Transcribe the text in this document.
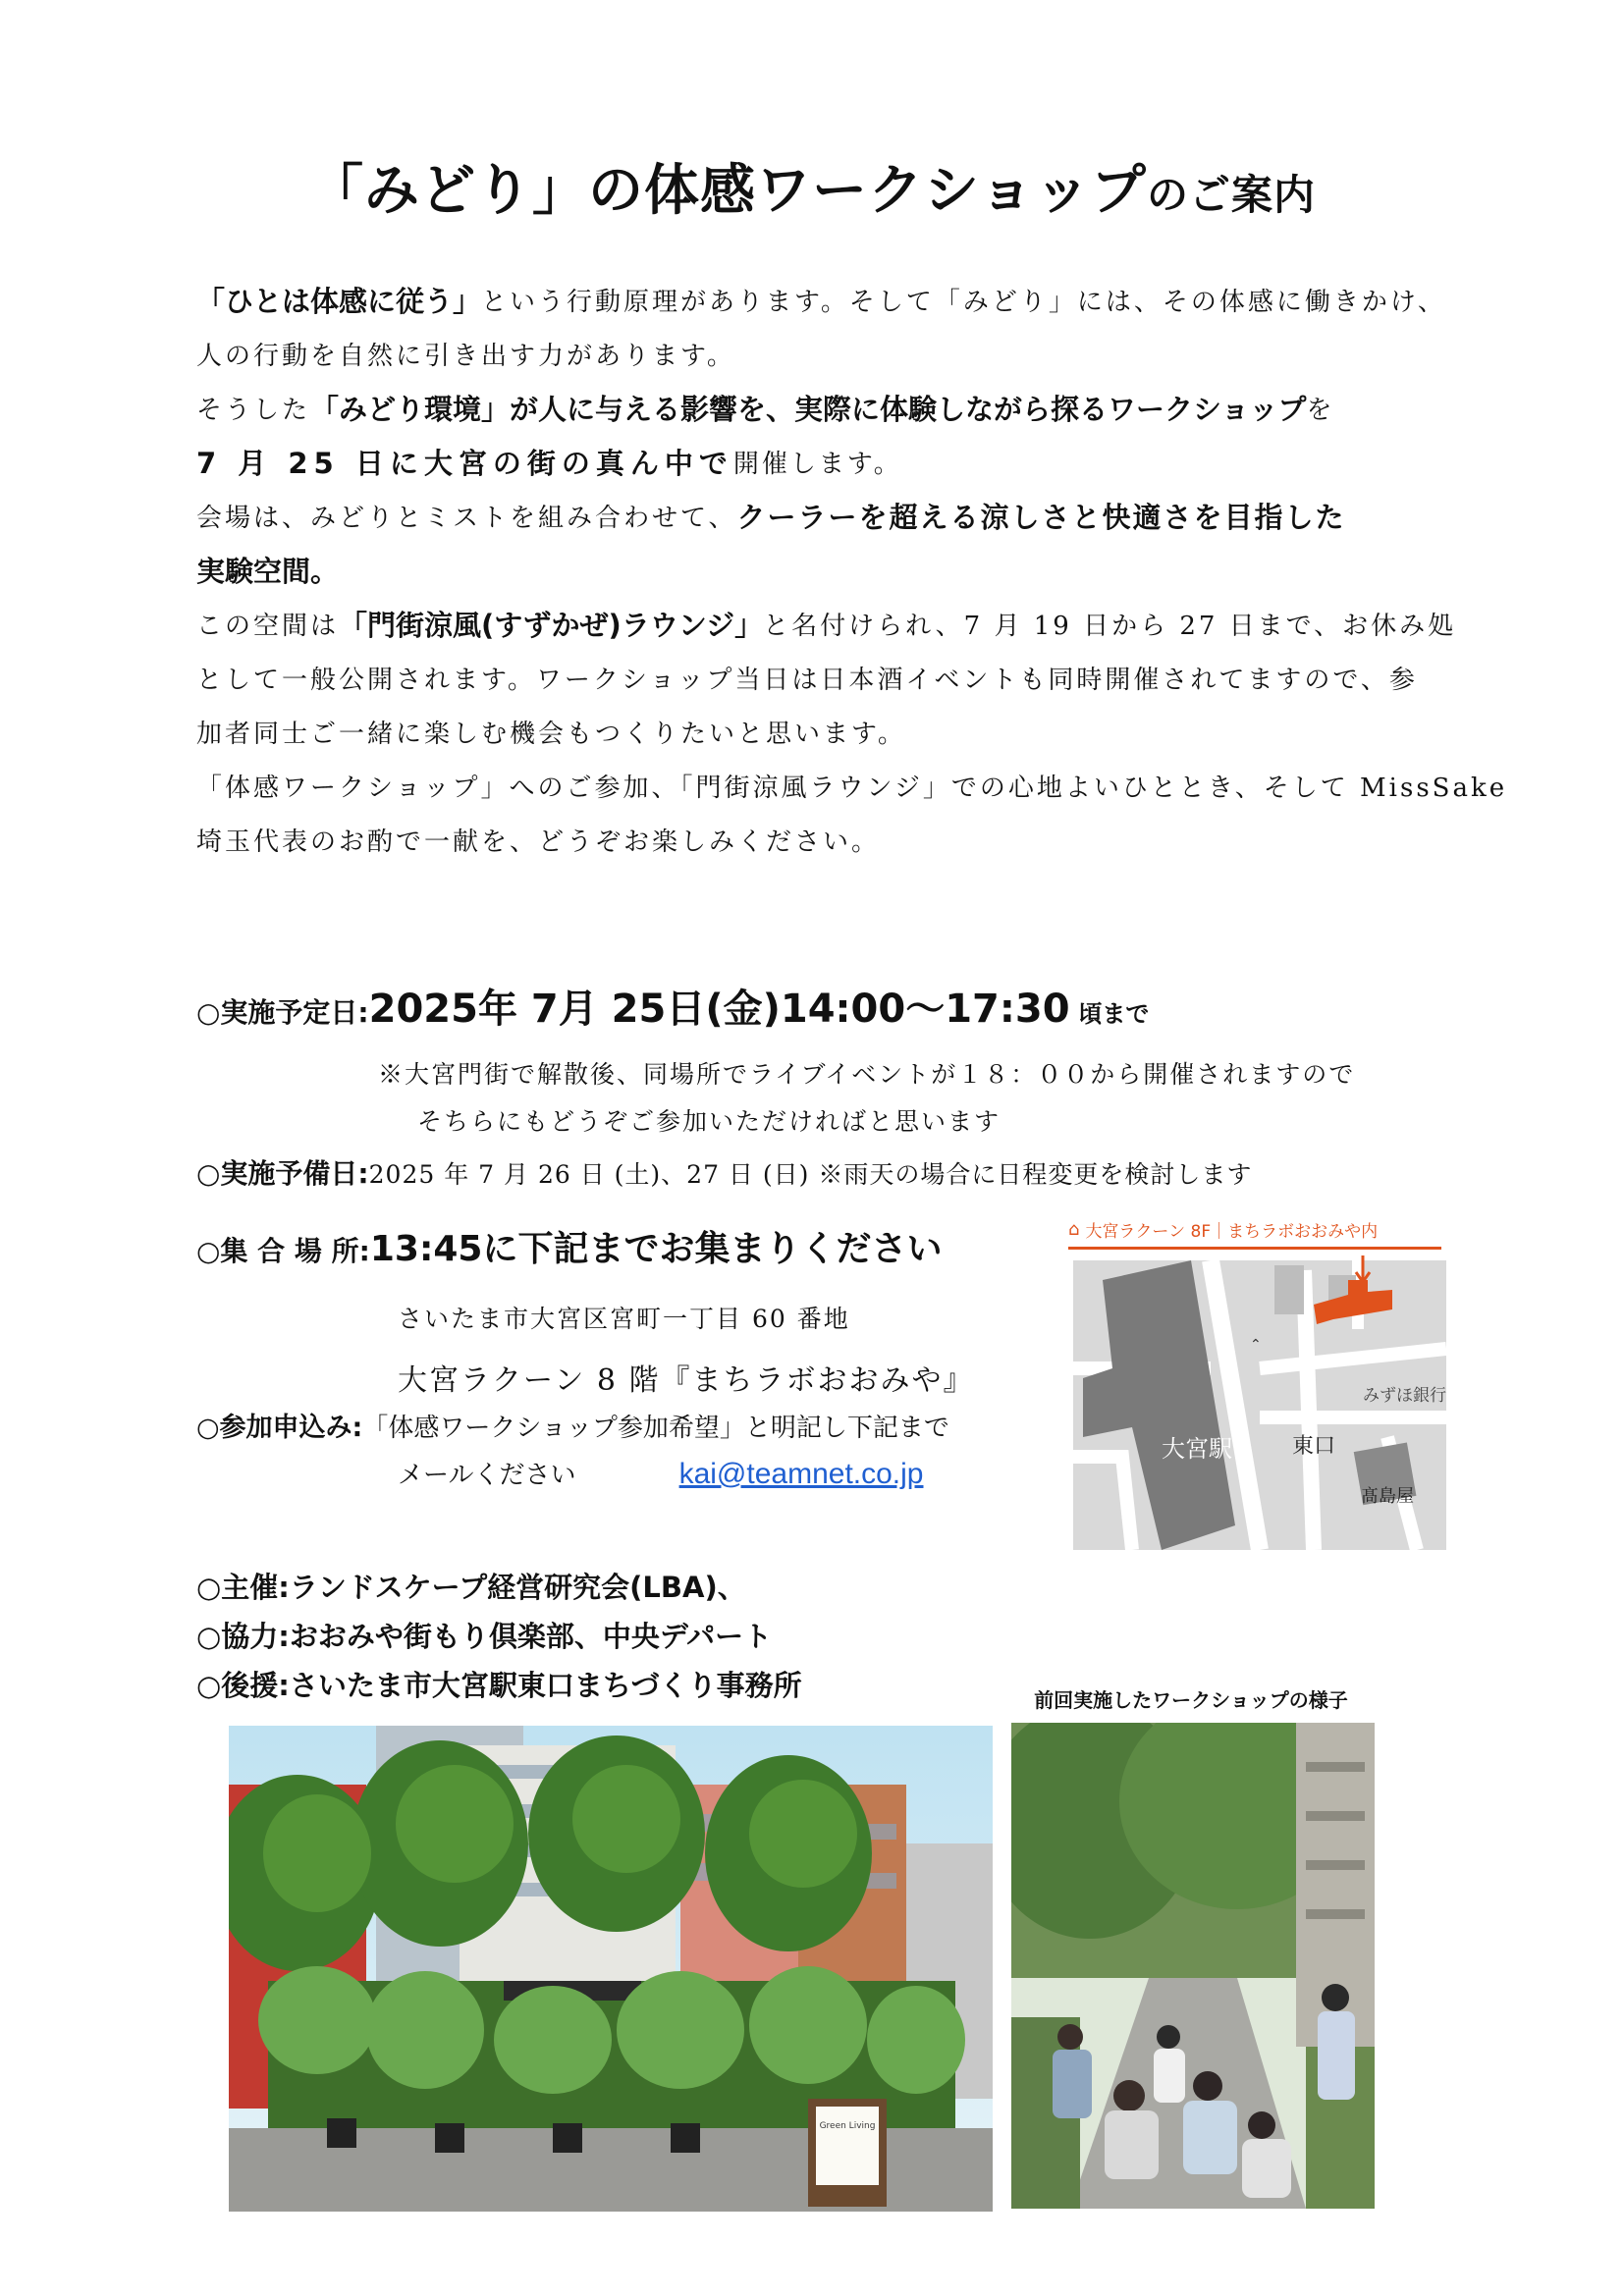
「みどり」の体感ワークショップのご案内

「ひとは体感に従う」 という行動原理があります。そして「みどり」には、その体感に働きかけ、

人の行動を自然に引き出す力があります。

そうした 「みどり環境」が人に与える影響を、実際に体験しながら探るワークショップ を

7 月 25 日に大宮の街の真ん中で 開催します。

会場は、みどりとミストを組み合わせて、 クーラーを超える涼しさと快適さを目指した

実験空間。

この空間は 「門街涼風(すずかぜ)ラウンジ」 と名付けられ、7 月 19 日から 27 日まで、お休み処

として一般公開されます。ワークショップ当日は日本酒イベントも同時開催されてますので、参

加者同士ご一緒に楽しむ機会もつくりたいと思います。

「体感ワークショップ」へのご参加、「門街涼風ラウンジ」での心地よいひととき、そして MissSake

埼玉代表のお酌で一献を、どうぞお楽しみください。

○実施予定日:2025年 7月 25日(金)14:00～17:30 頃まで
※大宮門街で解散後、同場所でライブイベントが１８：００から開催されますので
そちらにもどうぞご参加いただければと思います
○実施予備日:2025 年 7 月 26 日 (土)、27 日 (日) ※雨天の場合に日程変更を検討します
○集 合 場 所:13:45に下記までお集まりください
さいたま市大宮区宮町一丁目 60 番地
大宮ラクーン 8 階『まちラボおおみや』
○参加申込み:「体感ワークショップ参加希望」と明記し下記まで
メールください	kai@teamnet.co.jp
○主催:ランドスケープ経営研究会(LBA)、
○協力:おおみや街もり倶楽部、中央デパート
○後援:さいたま市大宮駅東口まちづくり事務所
⌃
⌂ 大宮ラクーン 8F｜まちラボおおみや内
みずほ銀行
大宮駅	東口
髙島屋
前回実施したワークショップの様子
Green Living
